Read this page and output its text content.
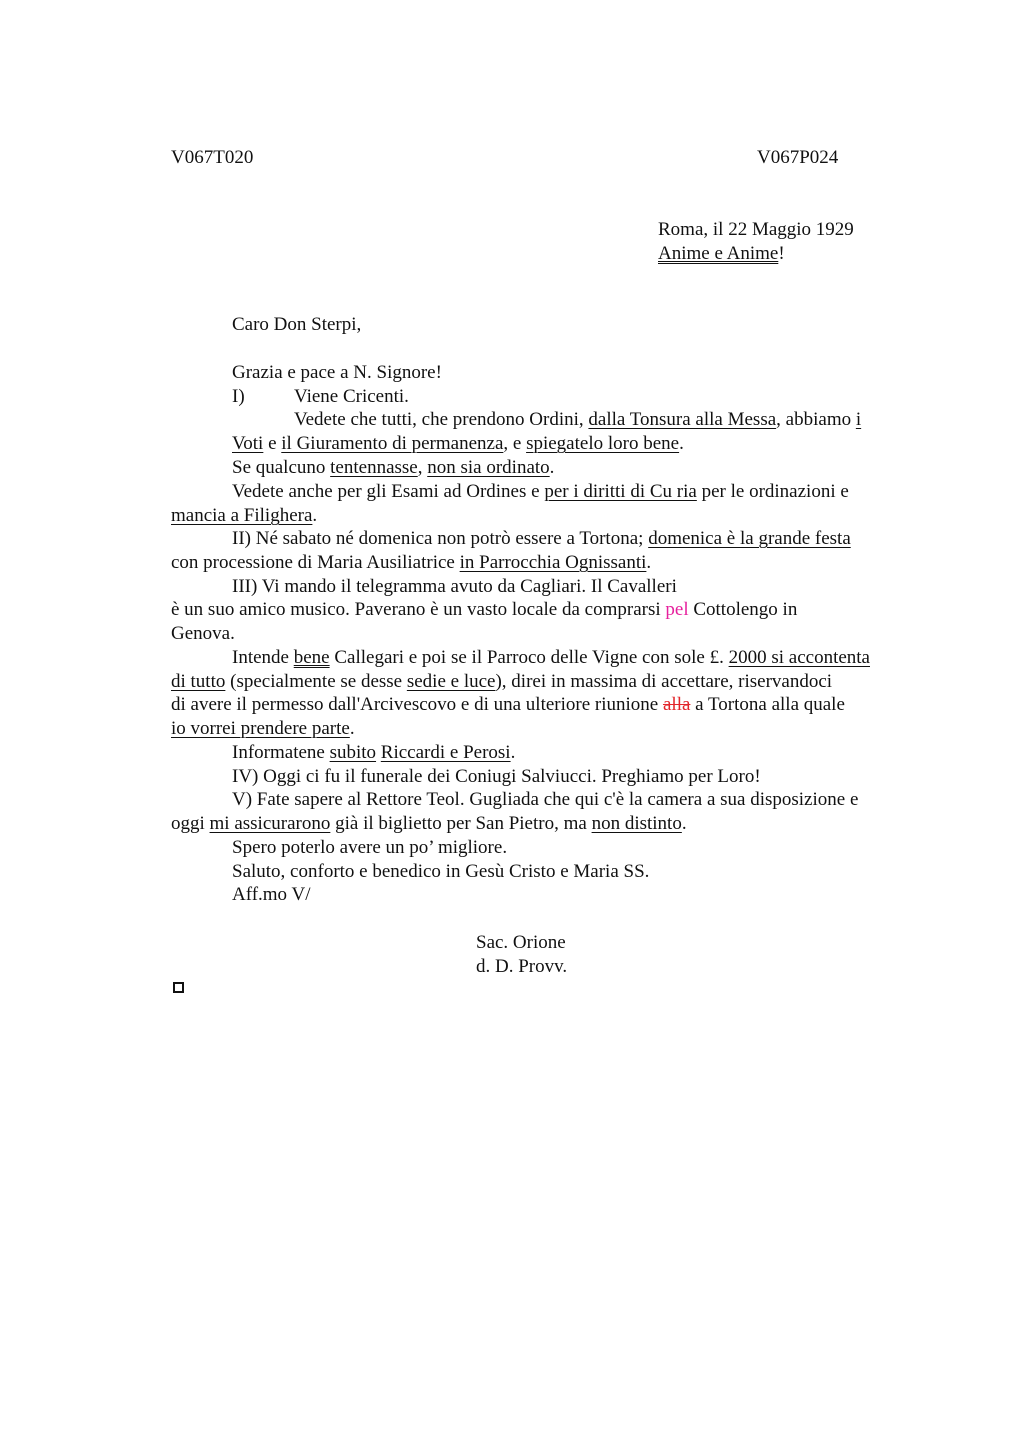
V067T020	V067P024
Roma, il 22 Maggio 1929
Anime e Anime!
Caro Don Sterpi,
Grazia e pace a N. Signore!
I)	Viene Cricenti.
Vedete che tutti, che prendono Ordini, dalla Tonsura alla Messa, abbiamo i
Voti e il Giuramento di permanenza, e spiegatelo loro bene.
Se qualcuno tentennasse, non sia ordinato.
Vedete anche per gli Esami ad Ordines e per i diritti di Cu ria per le ordinazioni e
mancia a Filighera.
II) Né sabato né domenica non potrò essere a Tortona; domenica è la grande festa
con processione di Maria Ausiliatrice in Parrocchia Ognissanti.
III) Vi mando il telegramma avuto da Cagliari. Il Cavalleri
è un suo amico musico. Paverano è un vasto locale da comprarsi pel Cottolengo in
Genova.
Intende bene Callegari e poi se il Parroco delle Vigne con sole £. 2000 si accontenta
di tutto (specialmente se desse sedie e luce), direi in massima di accettare, riservandoci
di avere il permesso dall'Arcivescovo e di una ulteriore riunione alla a Tortona alla quale
io vorrei prendere parte.
Informatene subito Riccardi e Perosi.
IV) Oggi ci fu il funerale dei Coniugi Salviucci. Preghiamo per Loro!
V) Fate sapere al Rettore Teol. Gugliada che qui c'è la camera a sua disposizione e
oggi mi assicurarono già il biglietto per San Pietro, ma non distinto.
Spero poterlo avere un po’ migliore.
Saluto, conforto e benedico in Gesù Cristo e Maria SS.
Aff.mo V/
Sac. Orione
d. D. Provv.
